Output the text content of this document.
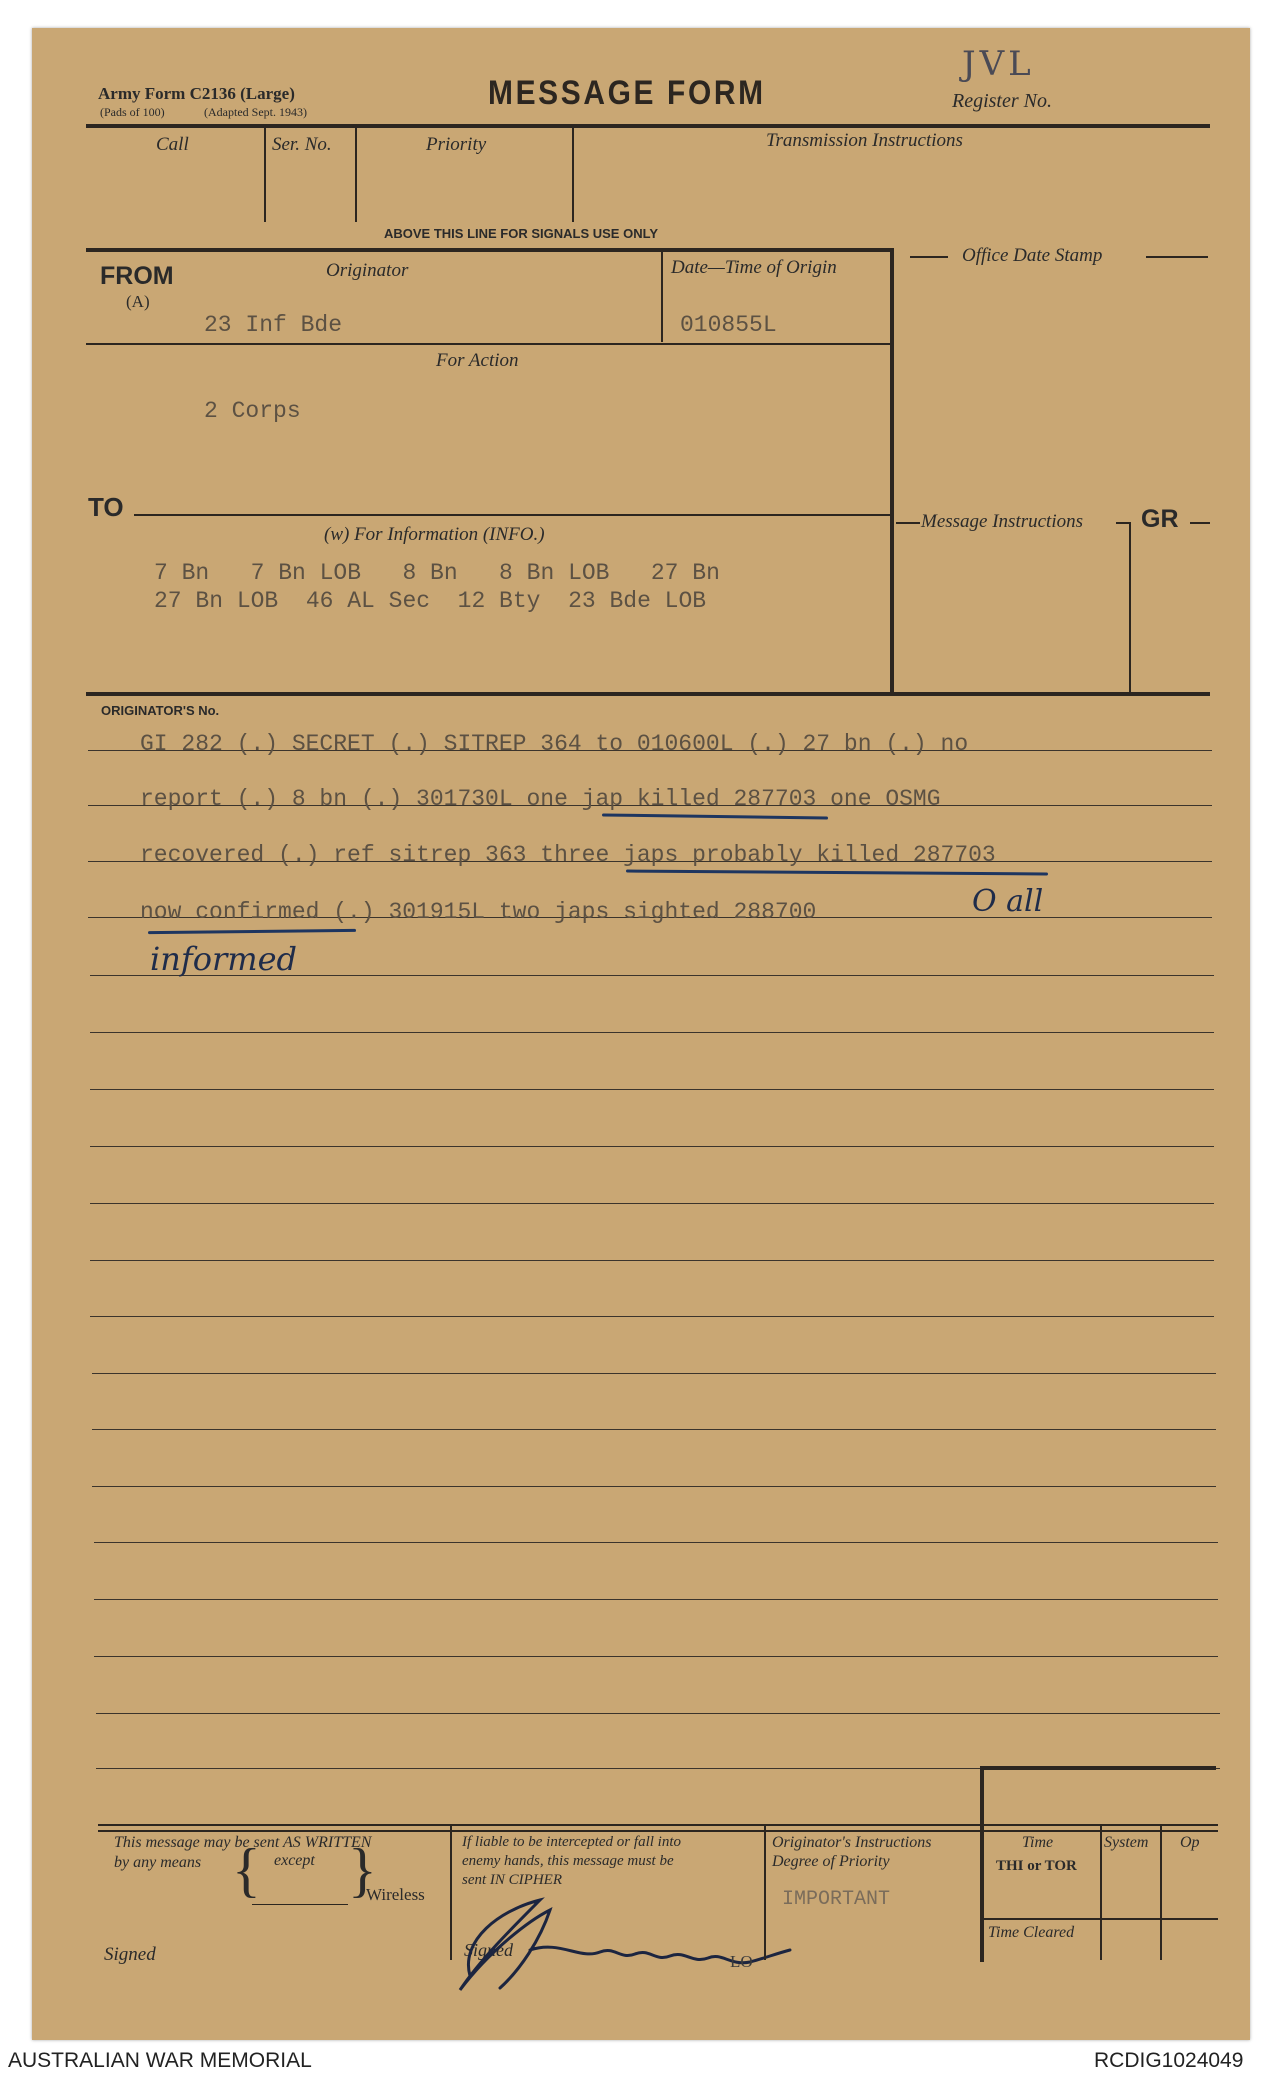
Army Form C2136 (Large)
(Pads of 100)	(Adapted Sept. 1943)	MESSAGE FORM
JVL
Register No.
Call	Ser. No.	Priority	Transmission Instructions
ABOVE THIS LINE FOR SIGNALS USE ONLY
FROM
(A)
Originator
23 Inf Bde
Date—Time of Origin
010855L
Office Date Stamp
For Action
2 Corps
TO	Message Instructions GR
(w) For Information (INFO.)
7 Bn   7 Bn LOB   8 Bn   8 Bn LOB   27 Bn
27 Bn LOB  46 AL Sec  12 Bty  23 Bde LOB
ORIGINATOR'S No.
GI 282 (.) SECRET (.) SITREP 364 to 010600L (.) 27 bn (.) no
report (.) 8 bn (.) 301730L one jap killed 287703 one OSMG
recovered (.) ref sitrep 363 three japs probably killed 287703
now confirmed (.) 301915L two japs sighted 288700	O all
informed
This message may be sent AS WRITTEN
by any means { except }
Wireless
Signed
If liable to be intercepted or fall into
enemy hands, this message must be
sent IN CIPHER
Signed
LO
Originator's Instructions
Degree of Priority
IMPORTANT
Time	System Op
THI or TOR
Time Cleared
AUSTRALIAN WAR MEMORIAL	RCDIG1024049
